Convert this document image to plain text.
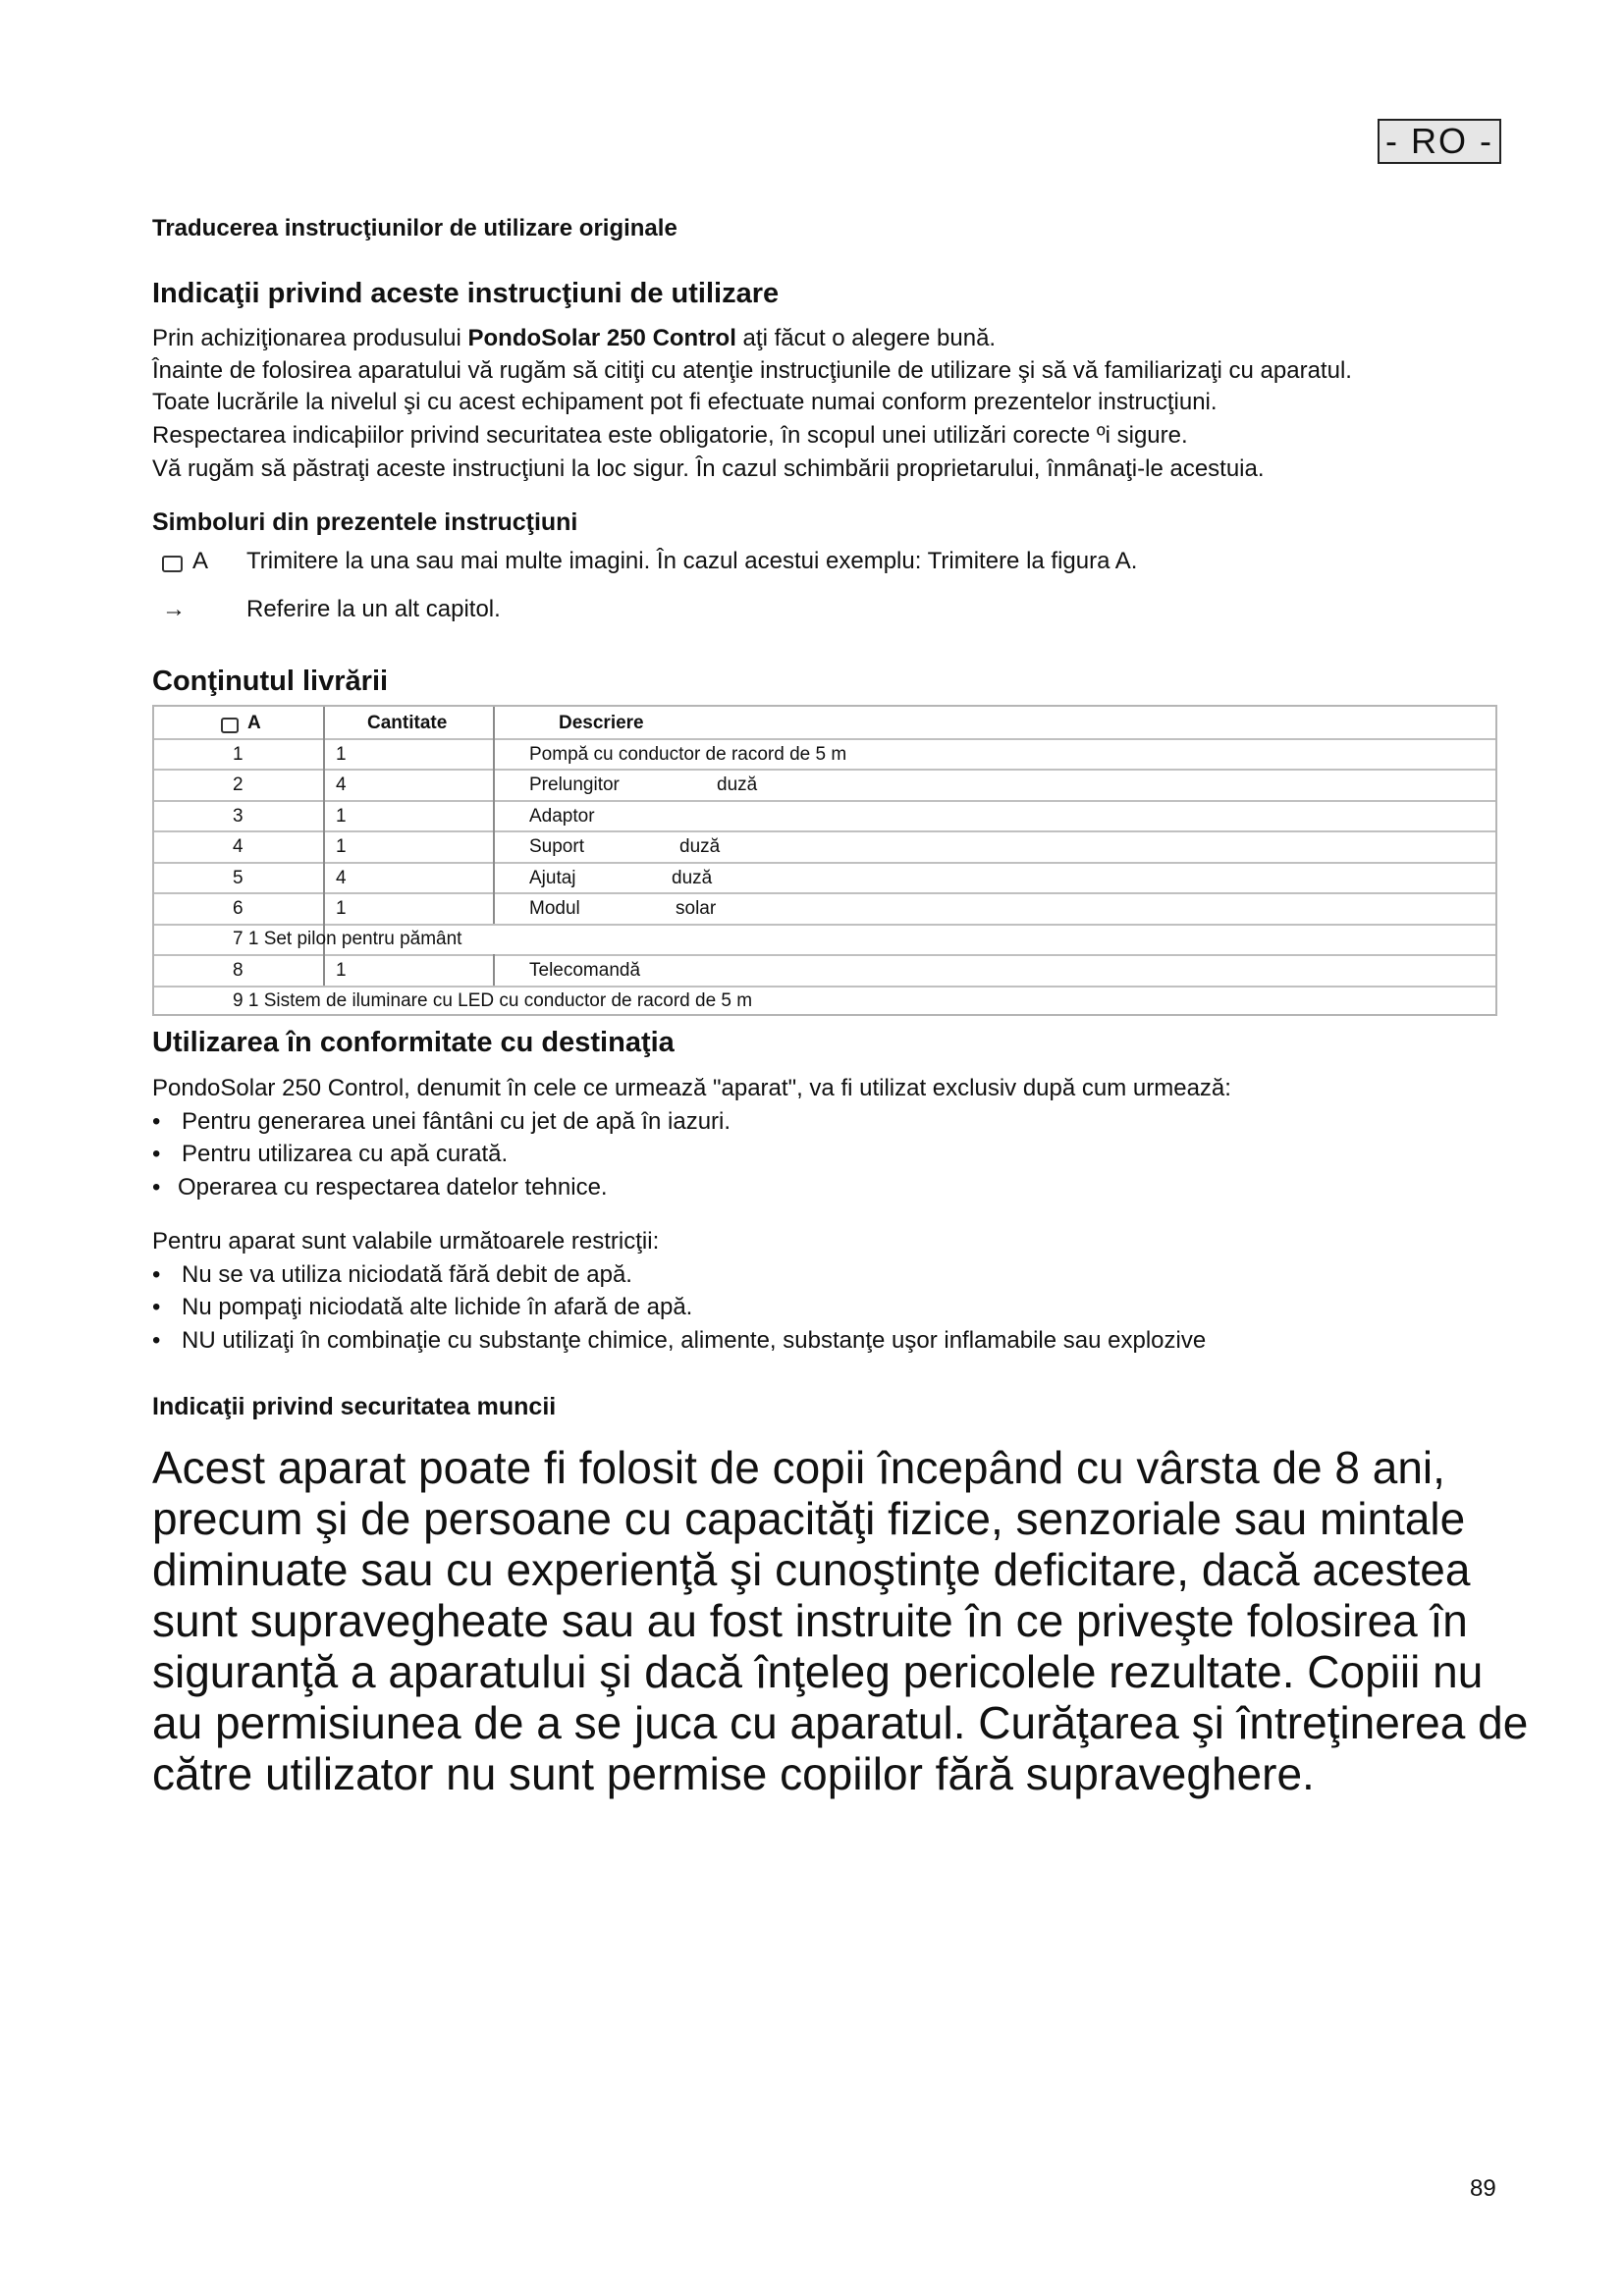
- RO -
Traducerea instrucţiunilor de utilizare originale
Indicaţii privind aceste instrucţiuni de utilizare
Prin achiziţionarea produsului PondoSolar 250 Control aţi făcut o alegere bună.
Înainte de folosirea aparatului vă rugăm să citiţi cu atenţie instrucţiunile de utilizare şi să vă familiarizaţi cu aparatul.
Toate lucrările la nivelul şi cu acest echipament pot fi efectuate numai conform prezentelor instrucţiuni.
Respectarea indicaþiilor privind securitatea este obligatorie, în scopul unei utilizări corecte ºi sigure.
Vă rugăm să păstraţi aceste instrucţiuni la loc sigur. În cazul schimbării proprietarului, înmânaţi-le acestuia.
Simboluri din prezentele instrucţiuni
A Trimitere la una sau mai multe imagini. În cazul acestui exemplu: Trimitere la figura A.
→	Referire la un alt capitol.
Conţinutul livrării
A	Cantitate	Descriere
1	1	Pompă cu conductor de racord de 5 m
2	4	Prelungitor	duză
3	1	Adaptor
4	1	Suport	duză
5	4	Ajutaj	duză
6	1	Modul	solar
7 1 Set pilon pentru pământ
8	1	Telecomandă
9 1 Sistem de iluminare cu LED cu conductor de racord de 5 m
Utilizarea în conformitate cu destinaţia
PondoSolar 250 Control, denumit în cele ce urmează "aparat", va fi utilizat exclusiv după cum urmează:
• Pentru generarea unei fântâni cu jet de apă în iazuri.
• Pentru utilizarea cu apă curată.
• Operarea cu respectarea datelor tehnice.
Pentru aparat sunt valabile următoarele restricţii:
• Nu se va utiliza niciodată fără debit de apă.
• Nu pompaţi niciodată alte lichide în afară de apă.
• NU utilizaţi în combinaţie cu substanţe chimice, alimente, substanţe uşor inflamabile sau explozive
Indicaţii privind securitatea muncii
Acest aparat poate fi folosit de copii începând cu vârsta de 8 ani,
precum şi de persoane cu capacităţi fizice, senzoriale sau mintale
diminuate sau cu experienţă şi cunoştinţe deficitare, dacă acestea
sunt supravegheate sau au fost instruite în ce priveşte folosirea în
siguranţă a aparatului şi dacă înţeleg pericolele rezultate. Copiii nu
au permisiunea de a se juca cu aparatul. Curăţarea şi întreţinerea de
către utilizator nu sunt permise copiilor fără supraveghere.
89
